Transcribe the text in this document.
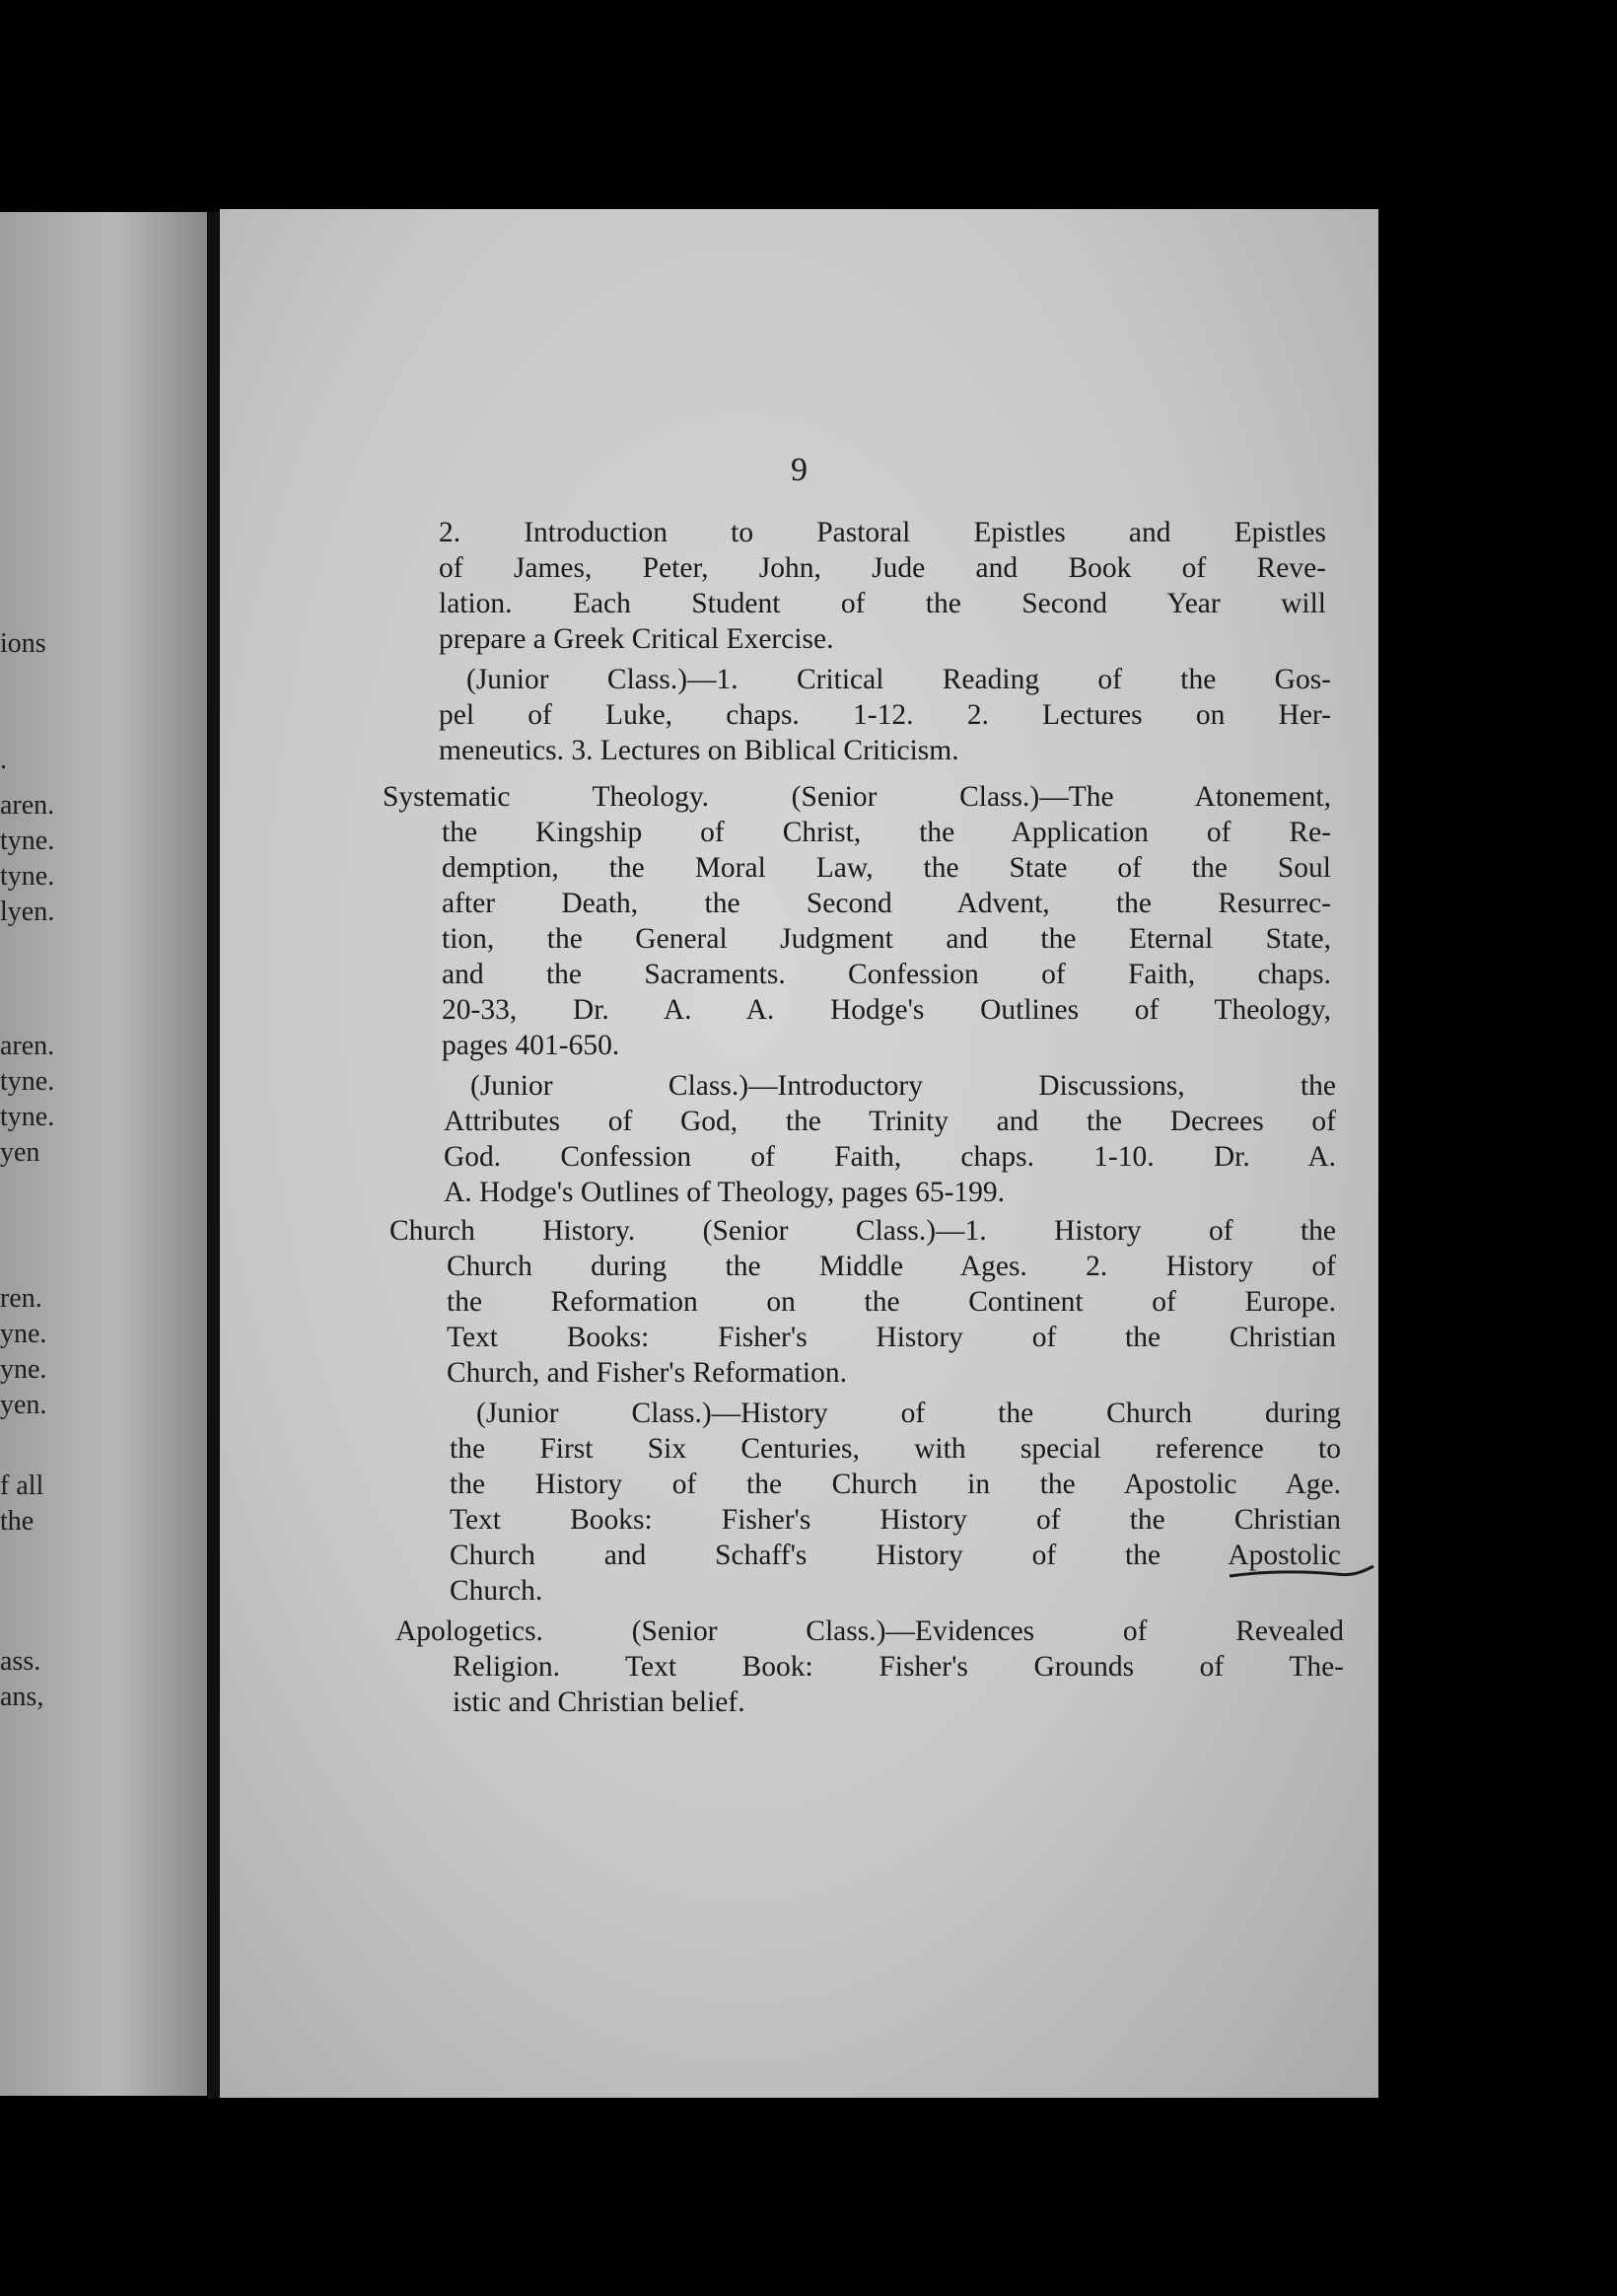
ions
.
aren.
tyne.
tyne.
lyen.
aren.
tyne.
tyne.
yen
ren.
yne.
yne.
yen.
f all
the
ass.
ans,
9
2. Introduction to Pastoral Epistles and Epistles
of James, Peter, John, Jude and Book of Reve-
lation. Each Student of the Second Year will
prepare a Greek Critical Exercise.
(Junior Class.)—1. Critical Reading of the Gos-
pel of Luke, chaps. 1-12. 2. Lectures on Her-
meneutics. 3. Lectures on Biblical Criticism.
Systematic Theology. (Senior Class.)—The Atonement,
the Kingship of Christ, the Application of Re-
demption, the Moral Law, the State of the Soul
after Death, the Second Advent, the Resurrec-
tion, the General Judgment and the Eternal State,
and the Sacraments. Confession of Faith, chaps.
20-33, Dr. A. A. Hodge's Outlines of Theology,
pages 401-650.
(Junior Class.)—Introductory Discussions, the
Attributes of God, the Trinity and the Decrees of
God. Confession of Faith, chaps. 1-10. Dr. A.
A. Hodge's Outlines of Theology, pages 65-199.
Church History. (Senior Class.)—1. History of the
Church during the Middle Ages. 2. History of
the Reformation on the Continent of Europe.
Text Books: Fisher's History of the Christian
Church, and Fisher's Reformation.
(Junior Class.)—History of the Church during
the First Six Centuries, with special reference to
the History of the Church in the Apostolic Age.
Text Books: Fisher's History of the Christian
Church and Schaff's History of the Apostolic
Church.
Apologetics. (Senior Class.)—Evidences of Revealed
Religion. Text Book: Fisher's Grounds of The-
istic and Christian belief.
